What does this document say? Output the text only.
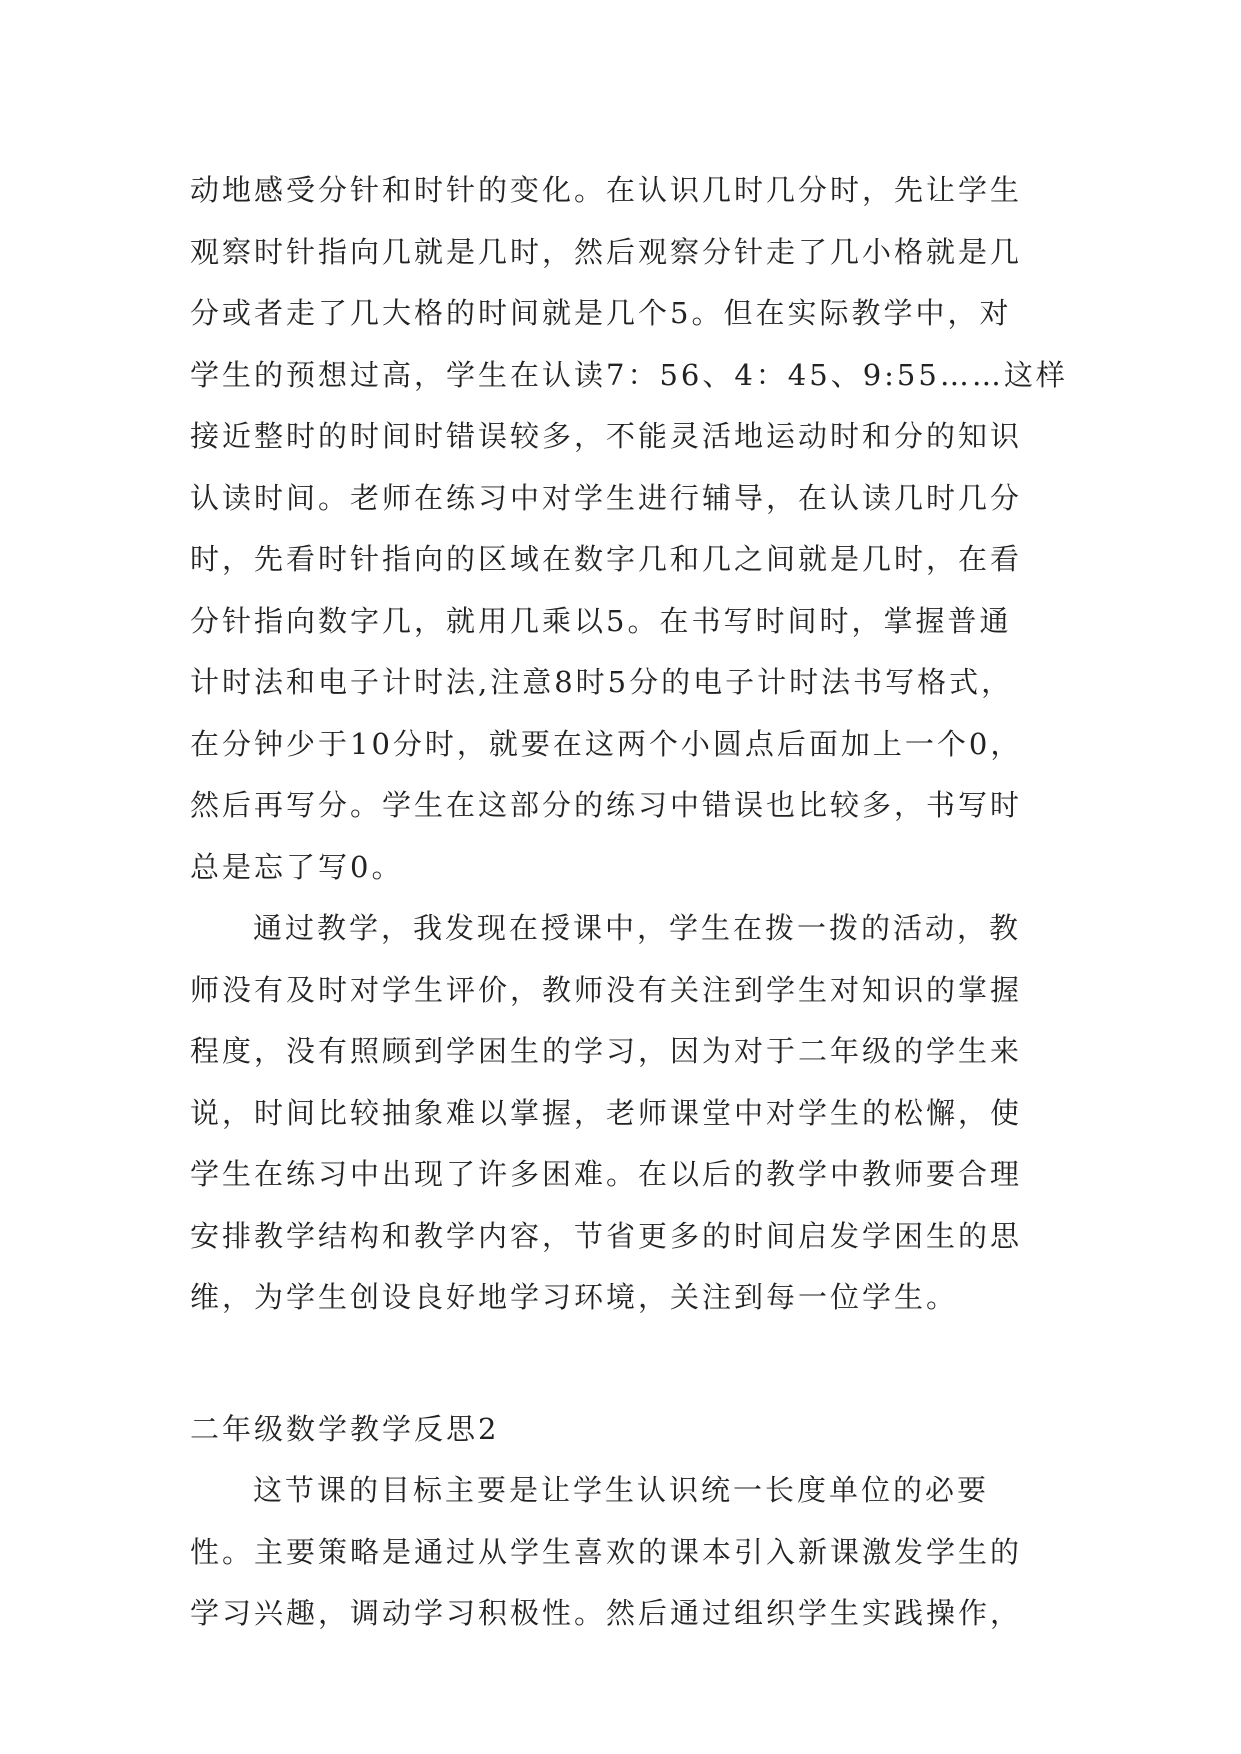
动地感受分针和时针的变化。在认识几时几分时，先让学生
观察时针指向几就是几时，然后观察分针走了几小格就是几
分或者走了几大格的时间就是几个5。但在实际教学中，对
学生的预想过高，学生在认读7：56、4：45、9:55……这样
接近整时的时间时错误较多，不能灵活地运动时和分的知识
认读时间。老师在练习中对学生进行辅导，在认读几时几分
时，先看时针指向的区域在数字几和几之间就是几时，在看
分针指向数字几，就用几乘以5。在书写时间时，掌握普通
计时法和电子计时法,注意8时5分的电子计时法书写格式，
在分钟少于10分时，就要在这两个小圆点后面加上一个0，
然后再写分。学生在这部分的练习中错误也比较多，书写时
总是忘了写0。
通过教学，我发现在授课中，学生在拨一拨的活动，教
师没有及时对学生评价，教师没有关注到学生对知识的掌握
程度，没有照顾到学困生的学习，因为对于二年级的学生来
说，时间比较抽象难以掌握，老师课堂中对学生的松懈，使
学生在练习中出现了许多困难。在以后的教学中教师要合理
安排教学结构和教学内容，节省更多的时间启发学困生的思
维，为学生创设良好地学习环境，关注到每一位学生。
二年级数学教学反思2
这节课的目标主要是让学生认识统一长度单位的必要
性。主要策略是通过从学生喜欢的课本引入新课激发学生的
学习兴趣，调动学习积极性。然后通过组织学生实践操作，
